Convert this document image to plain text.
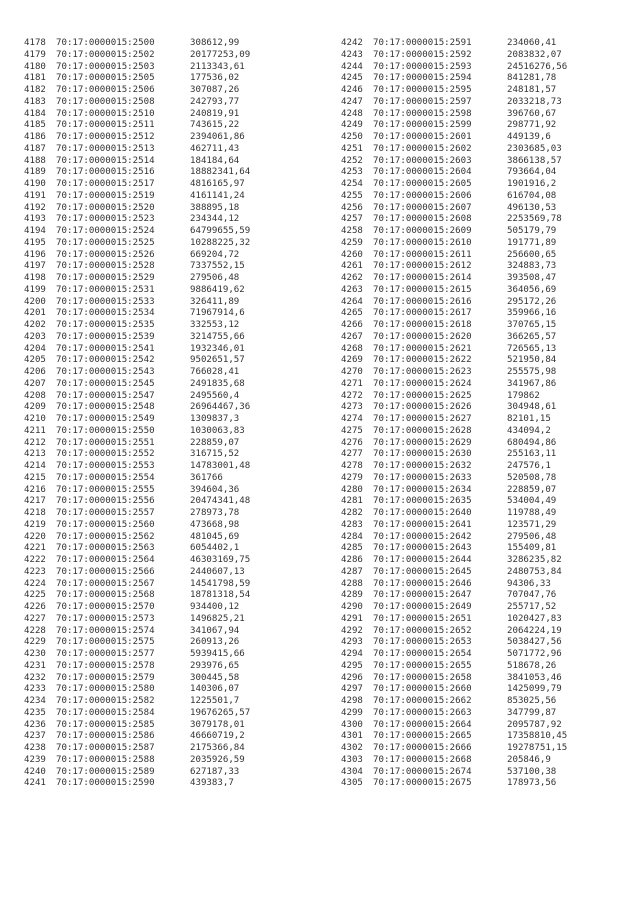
4178 70:17:0000015:2500	308612,99
4179 70:17:0000015:2502	20177253,09
4180 70:17:0000015:2503	2113343,61
4181 70:17:0000015:2505	177536,02
4182 70:17:0000015:2506	307087,26
4183 70:17:0000015:2508	242793,77
4184 70:17:0000015:2510	240819,91
4185 70:17:0000015:2511	743615,22
4186 70:17:0000015:2512	2394061,86
4187 70:17:0000015:2513	462711,43
4188 70:17:0000015:2514	184184,64
4189 70:17:0000015:2516	18882341,64
4190 70:17:0000015:2517	4816165,97
4191 70:17:0000015:2519	4161141,24
4192 70:17:0000015:2520	388895,18
4193 70:17:0000015:2523	234344,12
4194 70:17:0000015:2524	64799655,59
4195 70:17:0000015:2525	10288225,32
4196 70:17:0000015:2526	669204,72
4197 70:17:0000015:2528	7337552,15
4198 70:17:0000015:2529	279506,48
4199 70:17:0000015:2531	9886419,62
4200 70:17:0000015:2533	326411,89
4201 70:17:0000015:2534	71967914,6
4202 70:17:0000015:2535	332553,12
4203 70:17:0000015:2539	3214755,66
4204 70:17:0000015:2541	1932346,01
4205 70:17:0000015:2542	9502651,57
4206 70:17:0000015:2543	766028,41
4207 70:17:0000015:2545	2491835,68
4208 70:17:0000015:2547	2495560,4
4209 70:17:0000015:2548	26964467,36
4210 70:17:0000015:2549	1309837,3
4211 70:17:0000015:2550	1030063,83
4212 70:17:0000015:2551	228859,07
4213 70:17:0000015:2552	316715,52
4214 70:17:0000015:2553	14783001,48
4215 70:17:0000015:2554	361766
4216 70:17:0000015:2555	394604,36
4217 70:17:0000015:2556	20474341,48
4218 70:17:0000015:2557	278973,78
4219 70:17:0000015:2560	473668,98
4220 70:17:0000015:2562	481045,69
4221 70:17:0000015:2563	6054402,1
4222 70:17:0000015:2564	46303169,75
4223 70:17:0000015:2566	2440607,13
4224 70:17:0000015:2567	14541798,59
4225 70:17:0000015:2568	18781318,54
4226 70:17:0000015:2570	934400,12
4227 70:17:0000015:2573	1496825,21
4228 70:17:0000015:2574	341067,94
4229 70:17:0000015:2575	260913,26
4230 70:17:0000015:2577	5939415,66
4231 70:17:0000015:2578	293976,65
4232 70:17:0000015:2579	300445,58
4233 70:17:0000015:2580	140306,07
4234 70:17:0000015:2582	1225501,7
4235 70:17:0000015:2584	19676265,57
4236 70:17:0000015:2585	3079178,01
4237 70:17:0000015:2586	46660719,2
4238 70:17:0000015:2587	2175366,84
4239 70:17:0000015:2588	2035926,59
4240 70:17:0000015:2589	627187,33
4241 70:17:0000015:2590	439383,7
4242 70:17:0000015:2591	234060,41
4243 70:17:0000015:2592	2083832,07
4244 70:17:0000015:2593	24516276,56
4245 70:17:0000015:2594	841281,78
4246 70:17:0000015:2595	248181,57
4247 70:17:0000015:2597	2033218,73
4248 70:17:0000015:2598	396760,67
4249 70:17:0000015:2599	298771,92
4250 70:17:0000015:2601	449139,6
4251 70:17:0000015:2602	2303685,03
4252 70:17:0000015:2603	3866138,57
4253 70:17:0000015:2604	793664,04
4254 70:17:0000015:2605	1901916,2
4255 70:17:0000015:2606	616704,08
4256 70:17:0000015:2607	496130,53
4257 70:17:0000015:2608	2253569,78
4258 70:17:0000015:2609	505179,79
4259 70:17:0000015:2610	191771,89
4260 70:17:0000015:2611	256600,65
4261 70:17:0000015:2612	324883,73
4262 70:17:0000015:2614	393508,47
4263 70:17:0000015:2615	364056,69
4264 70:17:0000015:2616	295172,26
4265 70:17:0000015:2617	359966,16
4266 70:17:0000015:2618	370765,15
4267 70:17:0000015:2620	366265,57
4268 70:17:0000015:2621	726565,13
4269 70:17:0000015:2622	521950,84
4270 70:17:0000015:2623	255575,98
4271 70:17:0000015:2624	341967,86
4272 70:17:0000015:2625	179862
4273 70:17:0000015:2626	304948,61
4274 70:17:0000015:2627	82101,15
4275 70:17:0000015:2628	434094,2
4276 70:17:0000015:2629	680494,86
4277 70:17:0000015:2630	255163,11
4278 70:17:0000015:2632	247576,1
4279 70:17:0000015:2633	520508,78
4280 70:17:0000015:2634	228859,07
4281 70:17:0000015:2635	534004,49
4282 70:17:0000015:2640	119788,49
4283 70:17:0000015:2641	123571,29
4284 70:17:0000015:2642	279506,48
4285 70:17:0000015:2643	155409,81
4286 70:17:0000015:2644	3286235,82
4287 70:17:0000015:2645	2480753,84
4288 70:17:0000015:2646	94306,33
4289 70:17:0000015:2647	707047,76
4290 70:17:0000015:2649	255717,52
4291 70:17:0000015:2651	1020427,83
4292 70:17:0000015:2652	2064224,19
4293 70:17:0000015:2653	5038427,56
4294 70:17:0000015:2654	5071772,96
4295 70:17:0000015:2655	518678,26
4296 70:17:0000015:2658	3841053,46
4297 70:17:0000015:2660	1425099,79
4298 70:17:0000015:2662	853025,56
4299 70:17:0000015:2663	347799,87
4300 70:17:0000015:2664	2095787,92
4301 70:17:0000015:2665	17358810,45
4302 70:17:0000015:2666	19278751,15
4303 70:17:0000015:2668	205846,9
4304 70:17:0000015:2674	537100,38
4305 70:17:0000015:2675	178973,56
